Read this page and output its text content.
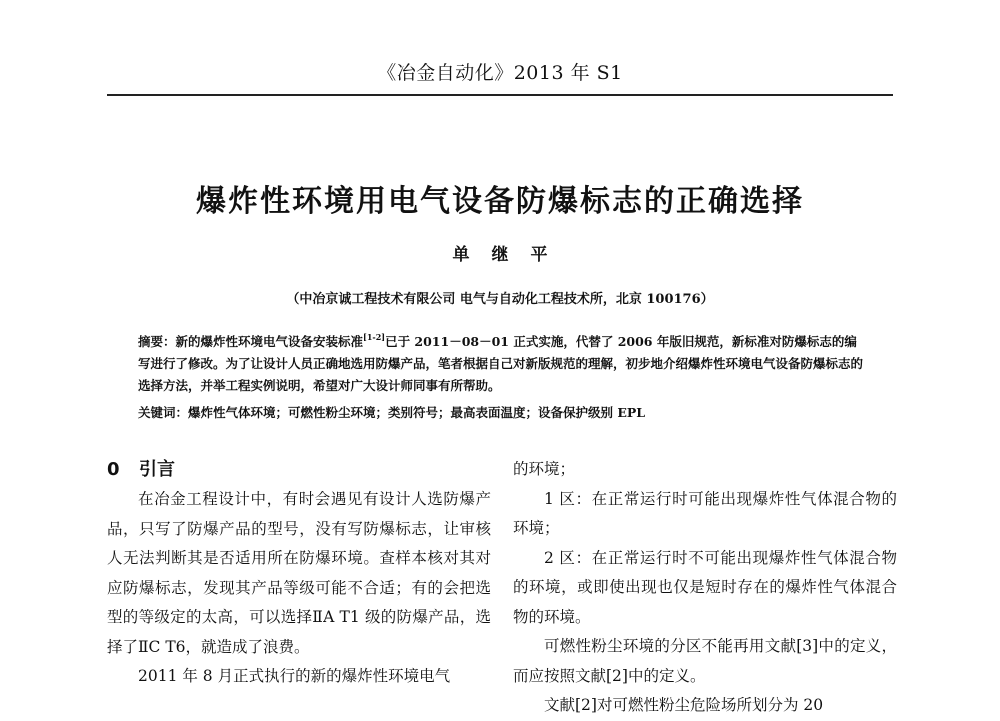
《冶金自动化》2013 年 S1
爆炸性环境用电气设备防爆标志的正确选择
单继平
（中冶京诚工程技术有限公司 电气与自动化工程技术所，北京 100176）
摘要：新的爆炸性环境电气设备安装标准[1-2]已于 2011－08－01 正式实施，代替了 2006 年版旧规范，新标准对防爆标志的编写进行了修改。为了让设计人员正确地选用防爆产品，笔者根据自己对新版规范的理解，初步地介绍爆炸性环境电气设备防爆标志的选择方法，并举工程实例说明，希望对广大设计师同事有所帮助。
关键词：爆炸性气体环境；可燃性粉尘环境；类别符号；最高表面温度；设备保护级别 EPL
0 引言

在冶金工程设计中，有时会遇见有设计人选防爆产品，只写了防爆产品的型号，没有写防爆标志，让审核人无法判断其是否适用所在防爆环境。查样本核对其对应防爆标志，发现其产品等级可能不合适；有的会把选型的等级定的太高，可以选择ⅡA T1 级的防爆产品，选择了ⅡC T6，就造成了浪费。

2011 年 8 月正式执行的新的爆炸性环境电气

的环境；

1 区：在正常运行时可能出现爆炸性气体混合物的环境；

2 区：在正常运行时不可能出现爆炸性气体混合物的环境，或即使出现也仅是短时存在的爆炸性气体混合物的环境。

可燃性粉尘环境的分区不能再用文献[3]中的定义，而应按照文献[2]中的定义。

文献[2]对可燃性粉尘危险场所划分为 20
